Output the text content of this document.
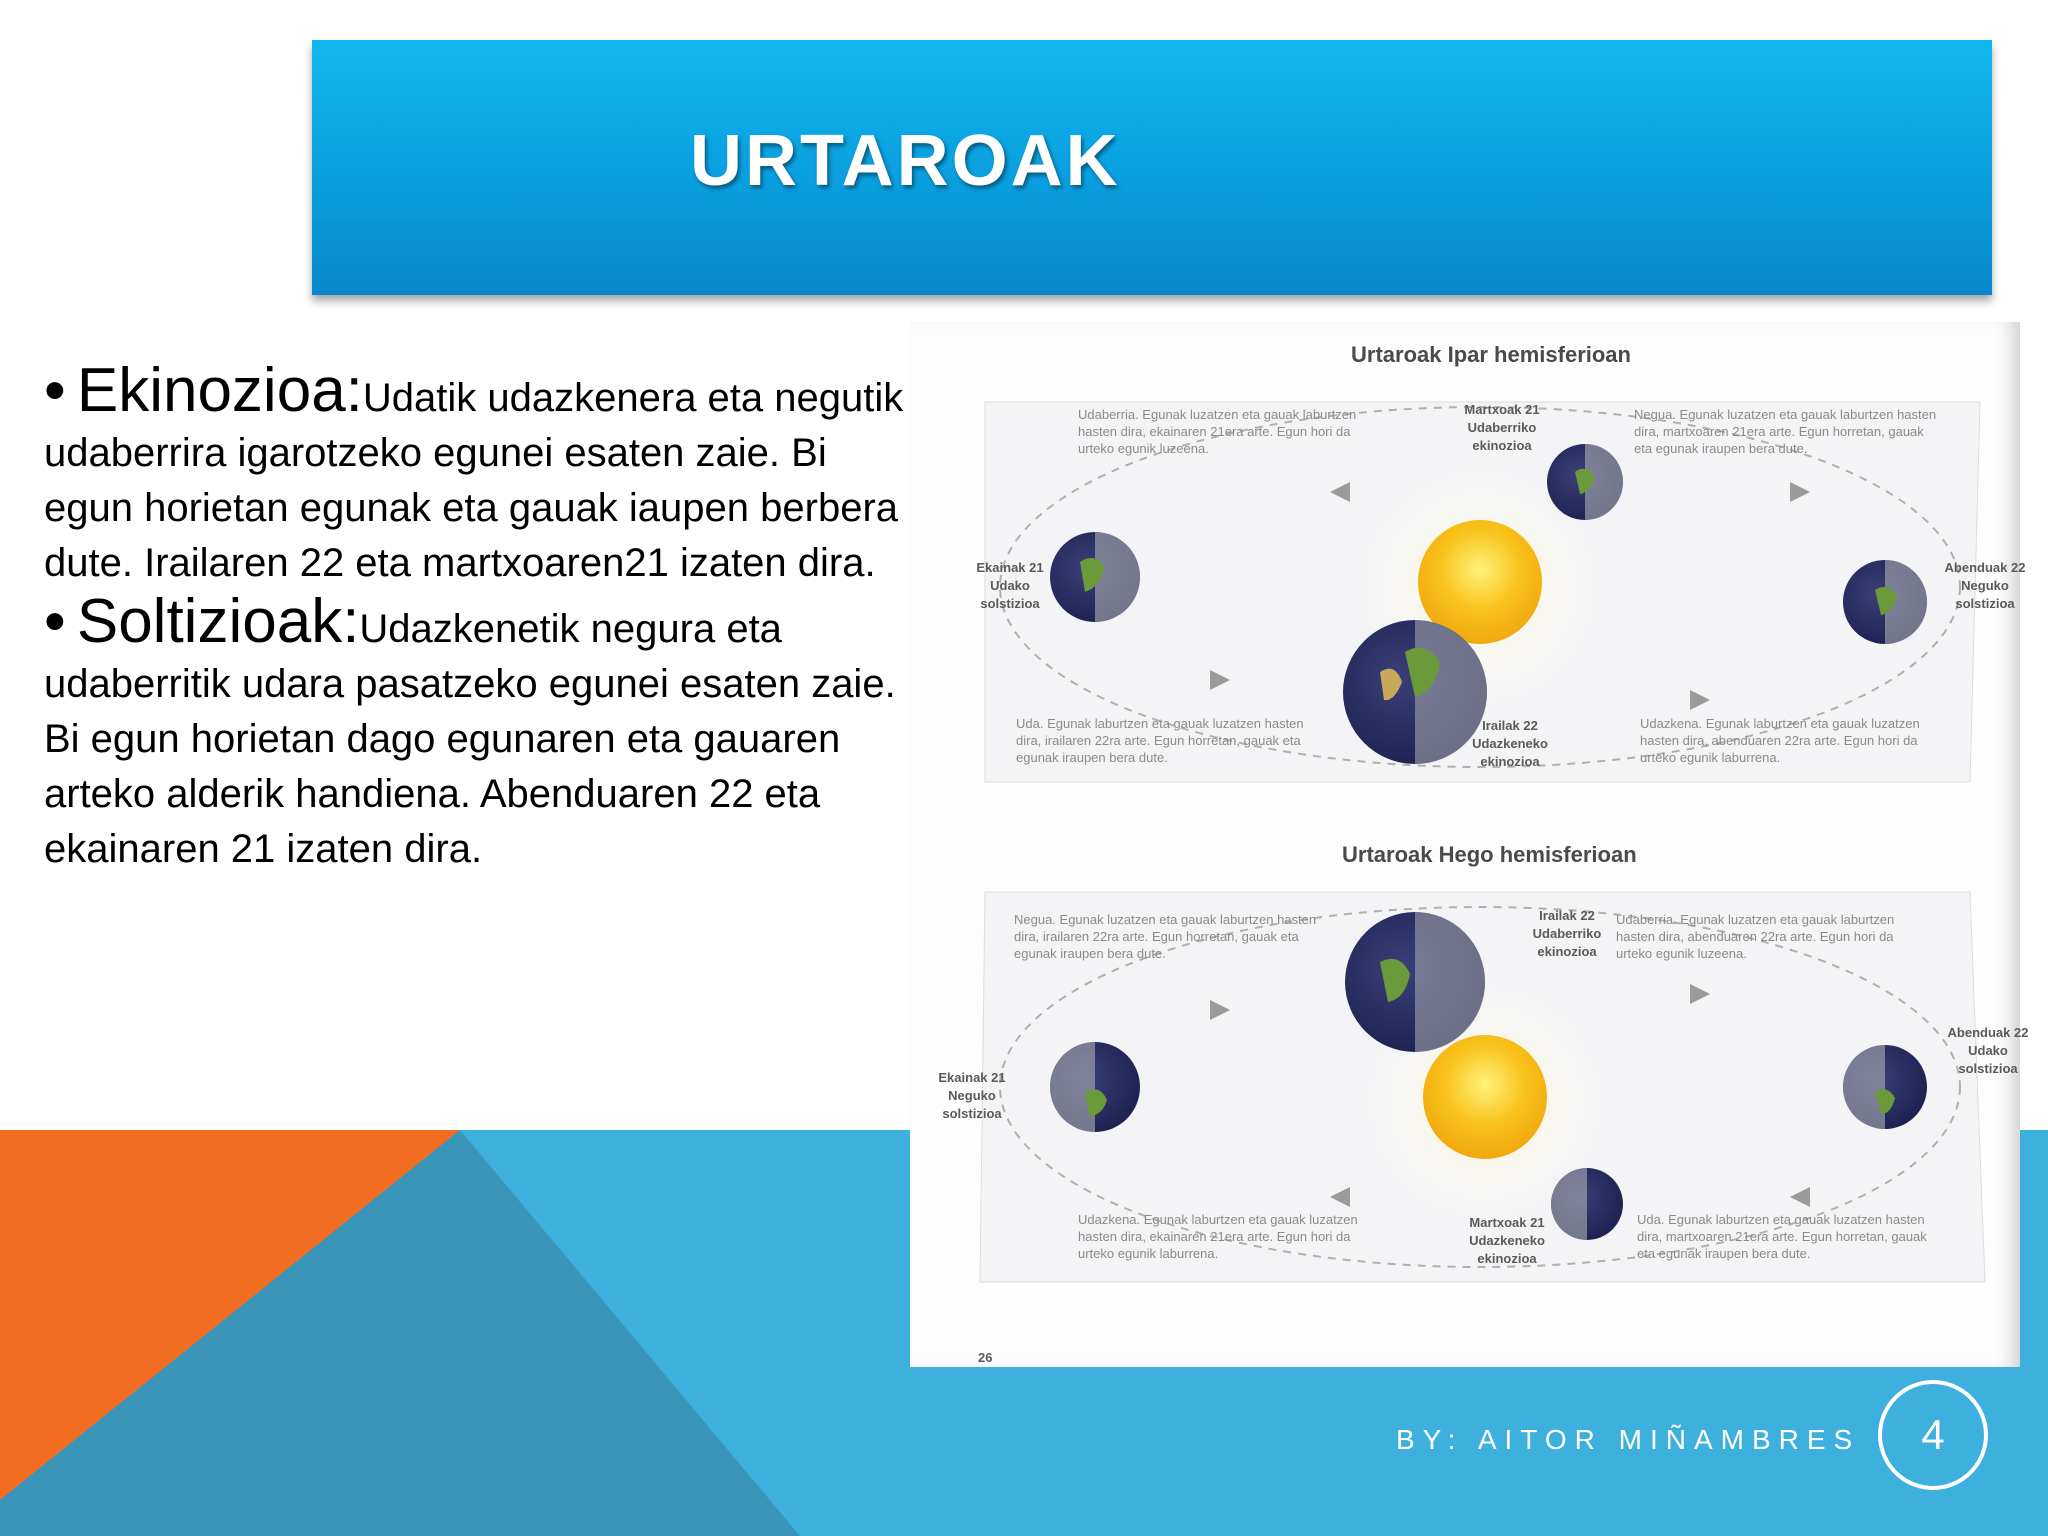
URTAROAK

• Ekinozioa:Udatik udazkenera eta negutik udaberrira igarotzeko egunei esaten zaie. Bi egun horietan egunak eta gauak iaupen berbera dute. Irailaren 22 eta martxoaren21 izaten dira.

• Soltizioak:Udazkenetik negura eta udaberritik udara pasatzeko egunei esaten zaie. Bi egun horietan dago egunaren eta gauaren arteko alderik handiena. Abenduaren 22 eta ekainaren 21 izaten dira.

Urtaroak Ipar hemisferioan
Martxoak 21 Udaberriko ekinozioa
Ekainak 21 Udako solstizioa
Abenduak 22 Neguko solstizioa
Irailak 22 Udazkeneko ekinozioa
Udaberria. Egunak luzatzen eta gauak laburtzen hasten dira, ekainaren 21era arte. Egun hori da urteko egunik luzeena.
Negua. Egunak luzatzen eta gauak laburtzen hasten dira, martxoaren 21era arte. Egun horretan, gauak eta egunak iraupen bera dute.
Uda. Egunak laburtzen eta gauak luzatzen hasten dira, irailaren 22ra arte. Egun horretan, gauak eta egunak iraupen bera dute.
Udazkena. Egunak laburtzen eta gauak luzatzen hasten dira, abenduaren 22ra arte. Egun hori da urteko egunik laburrena.
Urtaroak Hego hemisferioan
Irailak 22 Udaberriko ekinozioa
Ekainak 21 Neguko solstizioa
Abenduak 22 Udako solstizioa
Martxoak 21 Udazkeneko ekinozioa
Negua. Egunak luzatzen eta gauak laburtzen hasten dira, irailaren 22ra arte. Egun horretan, gauak eta egunak iraupen bera dute.
Udaberria. Egunak luzatzen eta gauak laburtzen hasten dira, abenduaren 22ra arte. Egun hori da urteko egunik luzeena.
Udazkena. Egunak laburtzen eta gauak luzatzen hasten dira, ekainaren 21era arte. Egun hori da urteko egunik laburrena.
Uda. Egunak laburtzen eta gauak luzatzen hasten dira, martxoaren 21era arte. Egun horretan, gauak eta egunak iraupen bera dute.
26
BY: AITOR MIÑAMBRES	4
